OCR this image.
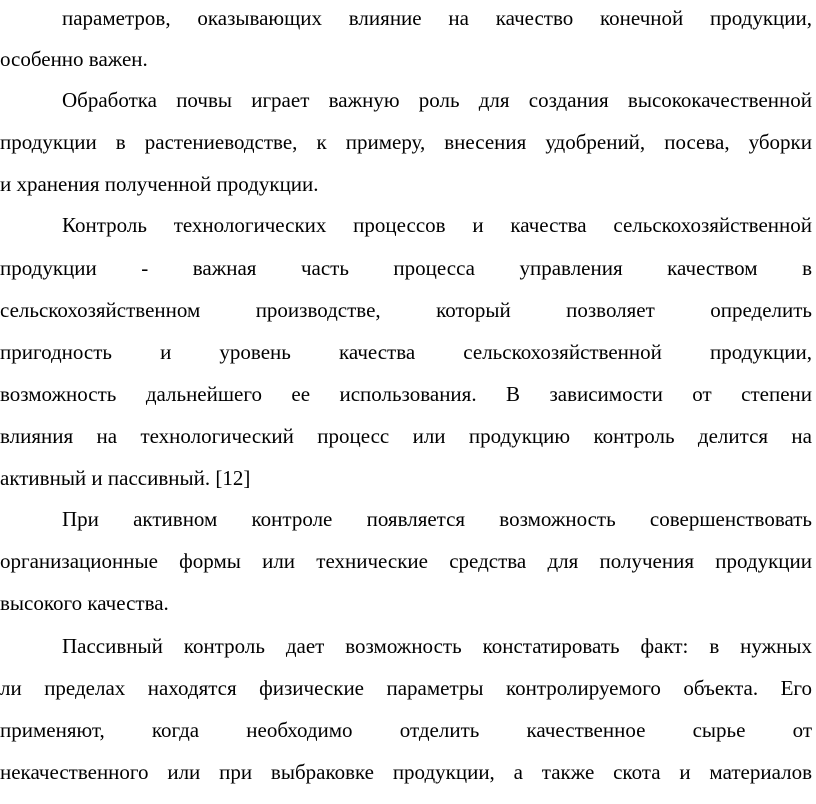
параметров, оказывающих влияние на качество конечной продукции,
особенно важен.
Обработка почвы играет важную роль для создания высококачественной
продукции в растениеводстве, к примеру, внесения удобрений, посева, уборки
и хранения полученной продукции.
Контроль технологических процессов и качества сельскохозяйственной
продукции - важная часть процесса управления качеством в
сельскохозяйственном производстве, который позволяет определить
пригодность и уровень качества сельскохозяйственной продукции,
возможность дальнейшего ее использования. В зависимости от степени
влияния на технологический процесс или продукцию контроль делится на
активный и пассивный. [12]
При активном контроле появляется возможность совершенствовать
организационные формы или технические средства для получения продукции
высокого качества.
Пассивный контроль дает возможность констатировать факт: в нужных
ли пределах находятся физические параметры контролируемого объекта. Его
применяют, когда необходимо отделить качественное сырье от
некачественного или при выбраковке продукции, а также скота и материалов
